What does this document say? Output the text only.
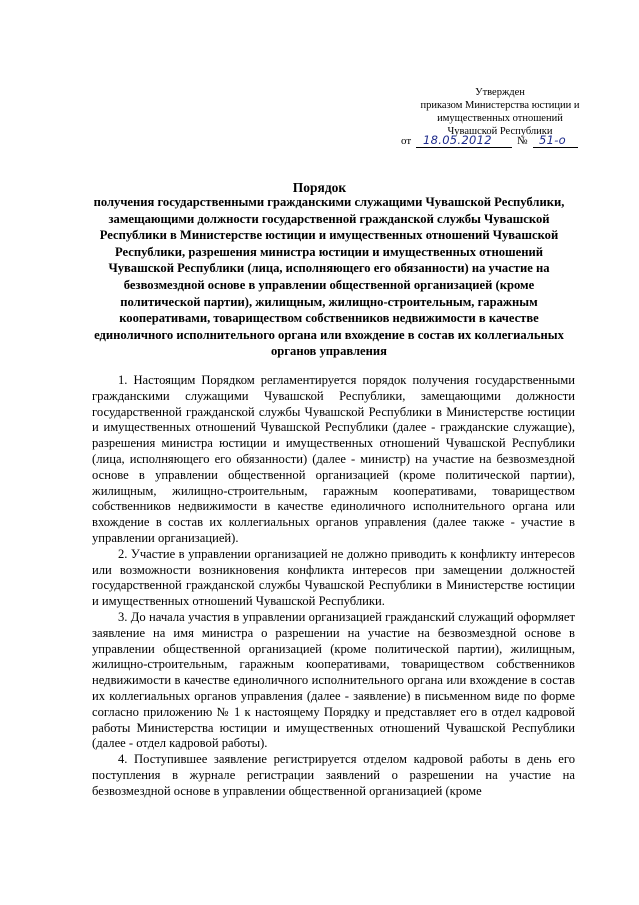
Утвержден
приказом Министерства юстиции и
имущественных отношений
Чувашской Республики
от 18.05.2012 № 51-о
Порядок
получения государственными гражданскими служащими Чувашской Республики, замещающими должности государственной гражданской службы Чувашской Республики в Министерстве юстиции и имущественных отношений Чувашской Республики, разрешения министра юстиции и имущественных отношений Чувашской Республики (лица, исполняющего его обязанности) на участие на безвозмездной основе в управлении общественной организацией (кроме политической партии), жилищным, жилищно-строительным, гаражным кооперативами, товариществом собственников недвижимости в качестве единоличного исполнительного органа или вхождение в состав их коллегиальных органов управления

1. Настоящим Порядком регламентируется порядок получения государственными гражданскими служащими Чувашской Республики, замещающими должности государственной гражданской службы Чувашской Республики в Министерстве юстиции и имущественных отношений Чувашской Республики (далее - гражданские служащие), разрешения министра юстиции и имущественных отношений Чувашской Республики (лица, исполняющего его обязанности) (далее - министр) на участие на безвозмездной основе в управлении общественной организацией (кроме политической партии), жилищным, жилищно-строительным, гаражным кооперативами, товариществом собственников недвижимости в качестве единоличного исполнительного органа или вхождение в состав их коллегиальных органов управления (далее также - участие в управлении организацией).

2. Участие в управлении организацией не должно приводить к конфликту интересов или возможности возникновения конфликта интересов при замещении должностей государственной гражданской службы Чувашской Республики в Министерстве юстиции и имущественных отношений Чувашской Республики.

3. До начала участия в управлении организацией гражданский служащий оформляет заявление на имя министра о разрешении на участие на безвозмездной основе в управлении общественной организацией (кроме политической партии), жилищным, жилищно-строительным, гаражным кооперативами, товариществом собственников недвижимости в качестве единоличного исполнительного органа или вхождение в состав их коллегиальных органов управления (далее - заявление) в письменном виде по форме согласно приложению № 1 к настоящему Порядку и представляет его в отдел кадровой работы Министерства юстиции и имущественных отношений Чувашской Республики (далее - отдел кадровой работы).

4. Поступившее заявление регистрируется отделом кадровой работы в день его поступления в журнале регистрации заявлений о разрешении на участие на безвозмездной основе в управлении общественной организацией (кроме
